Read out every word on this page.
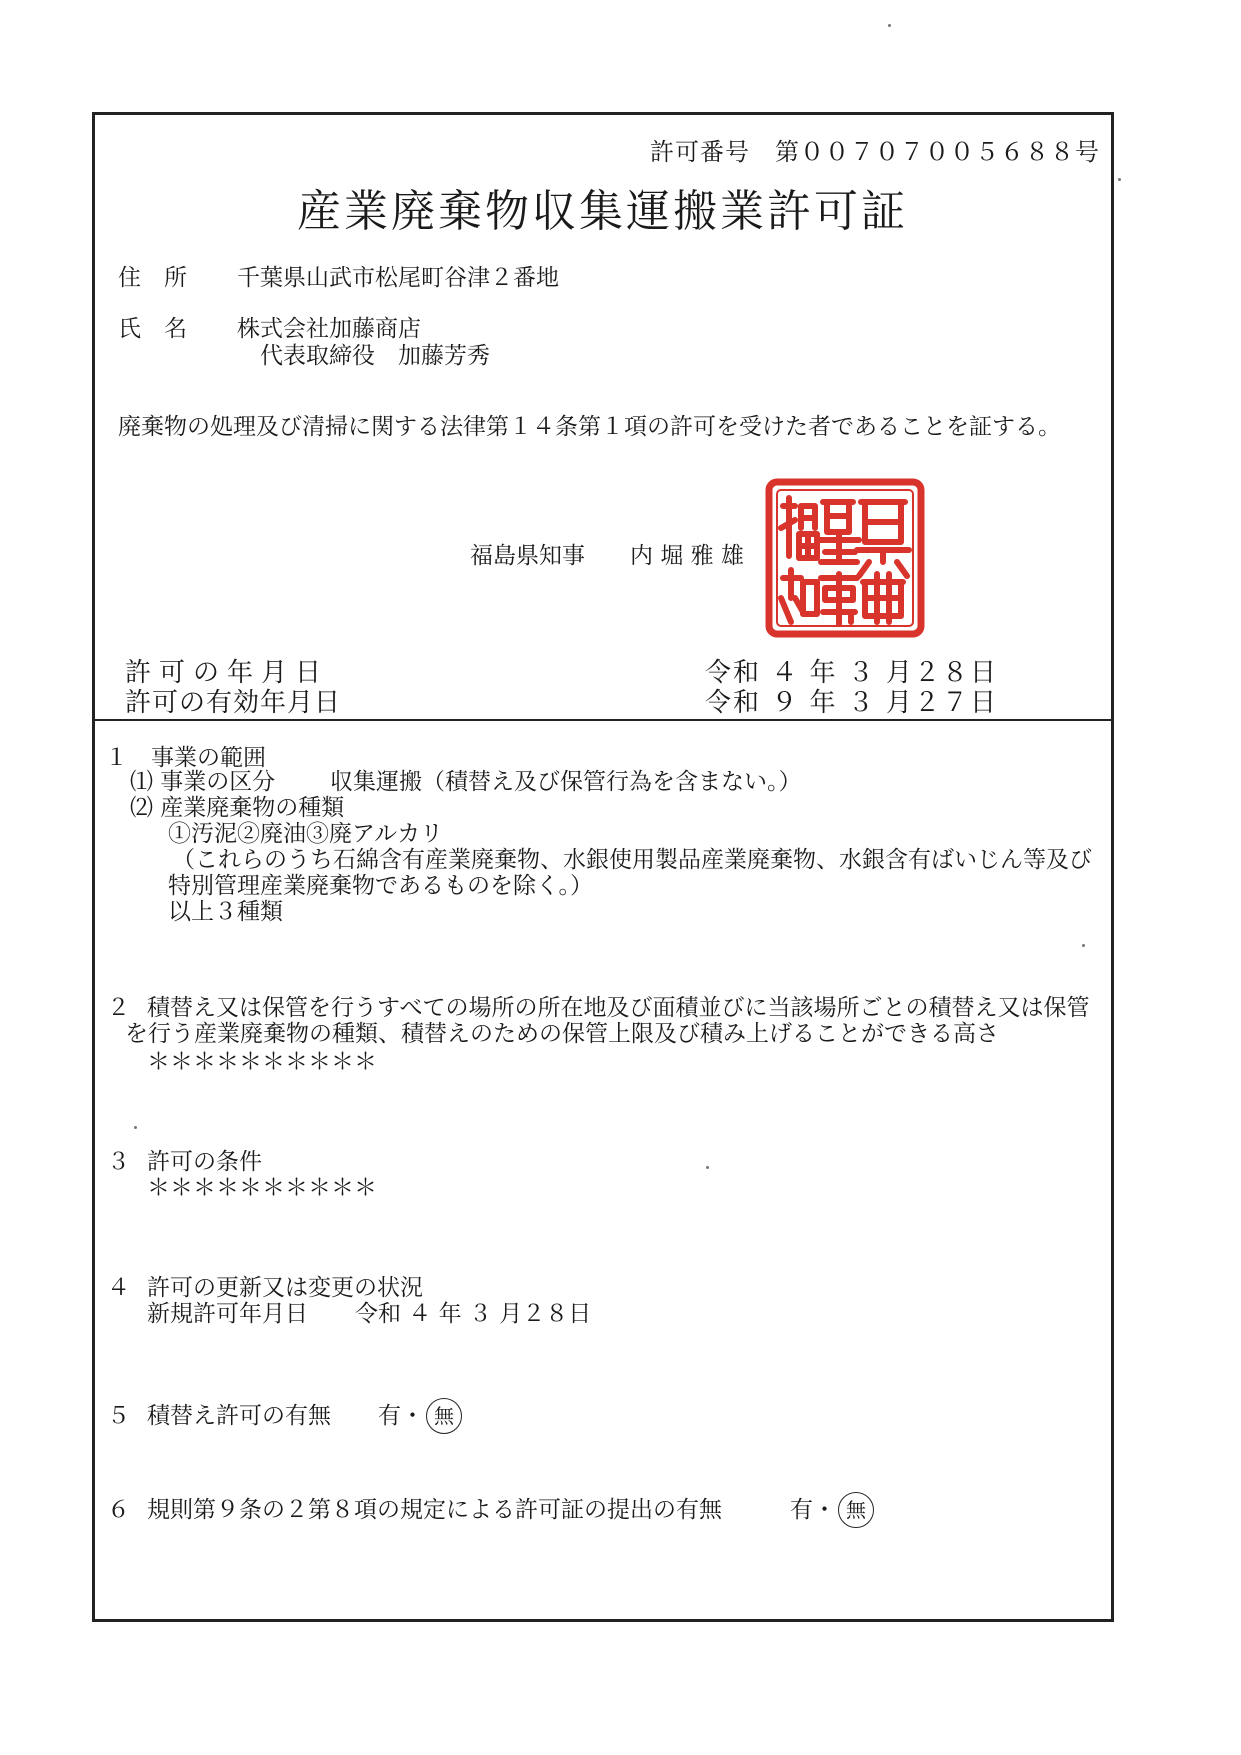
許可番号　第００７０７００５６８８号
産業廃棄物収集運搬業許可証
住　所 千葉県山武市松尾町谷津２番地
氏　名 株式会社加藤商店
代表取締役　加藤芳秀
廃棄物の処理及び清掃に関する法律第１４条第１項の許可を受けた者であることを証する。
福島県知事 内 堀 雅 雄
許可の年月日	令和 ４ 年 ３ 月２８日
許可の有効年月日	令和 ９ 年 ３ 月２７日
１　事業の範囲
⑴ 事業の区分 収集運搬（積替え及び保管行為を含まない。）
⑵ 産業廃棄物の種類
①汚泥②廃油③廃アルカリ
（これらのうち石綿含有産業廃棄物、水銀使用製品産業廃棄物、水銀含有ばいじん等及び
特別管理産業廃棄物であるものを除く。）
以上３種類
２ 積替え又は保管を行うすべての場所の所在地及び面積並びに当該場所ごとの積替え又は保管
を行う産業廃棄物の種類、積替えのための保管上限及び積み上げることができる高さ
＊＊＊＊＊＊＊＊＊＊
３ 許可の条件
＊＊＊＊＊＊＊＊＊＊
４ 許可の更新又は変更の状況
新規許可年月日 令和 ４ 年 ３ 月２８日
５ 積替え許可の有無 有・ 無
６ 規則第９条の２第８項の規定による許可証の提出の有無	有・ 無
